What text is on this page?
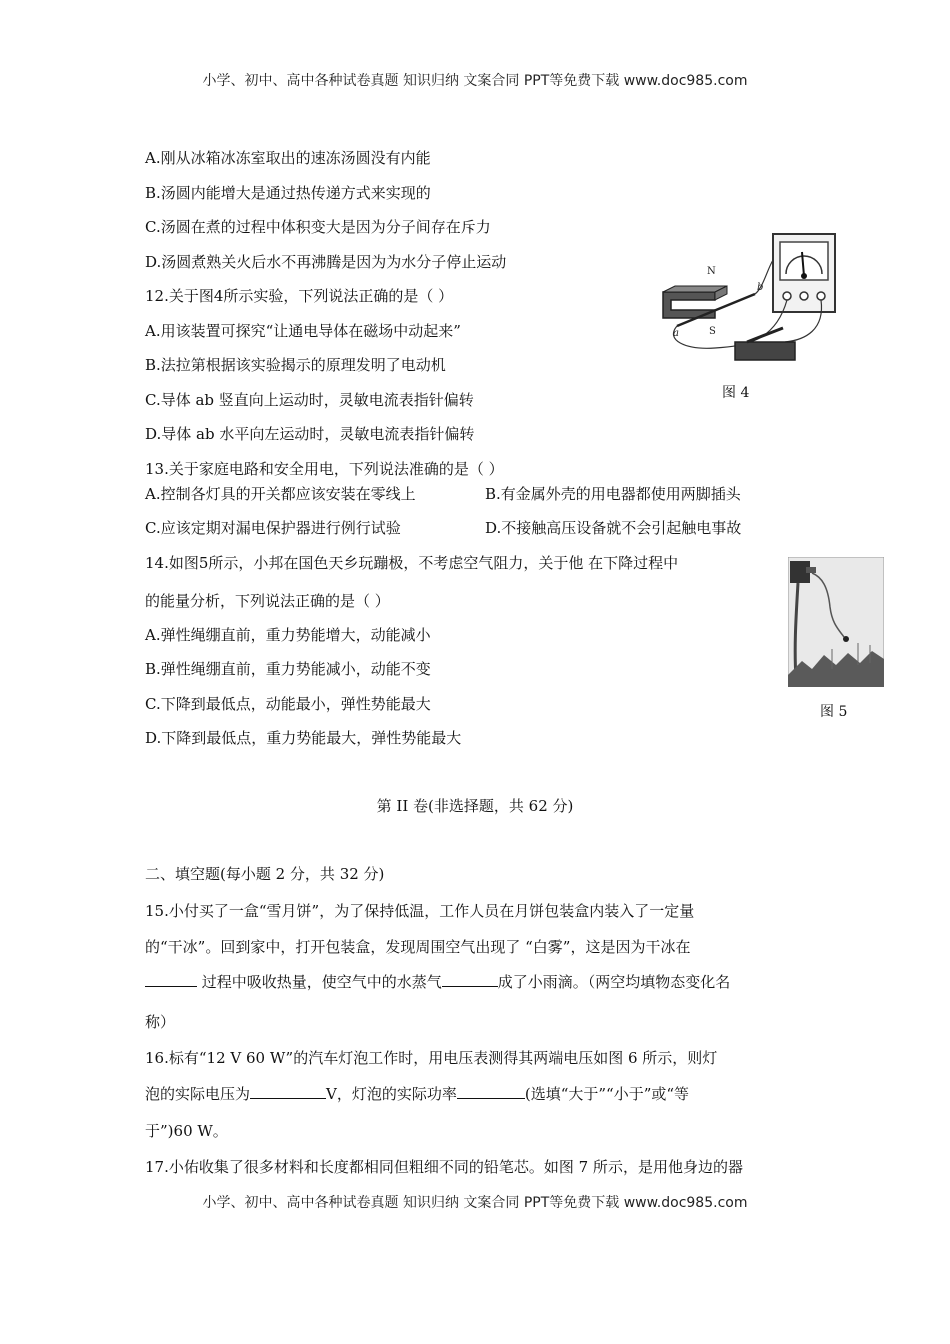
小学、初中、高中各种试卷真题 知识归纳 文案合同 PPT等免费下载 www.doc985.com
A.刚从冰箱冰冻室取出的速冻汤圆没有内能
B.汤圆内能增大是通过热传递方式来实现的
C.汤圆在煮的过程中体积变大是因为分子间存在斥力
D.汤圆煮熟关火后水不再沸腾是因为为水分子停止运动
12.关于图4所示实验，下列说法正确的是（ ）
A.用该装置可探究“让通电导体在磁场中动起来”
B.法拉第根据该实验揭示的原理发明了电动机
C.导体 ab 竖直向上运动时，灵敏电流表指针偏转
D.导体 ab 水平向左运动时，灵敏电流表指针偏转
N
S
a
b
图 4
13.关于家庭电路和安全用电，下列说法准确的是（ ）
A.控制各灯具的开关都应该安装在零线上	B.有金属外壳的用电器都使用两脚插头
C.应该定期对漏电保护器进行例行试验	D.不接触高压设备就不会引起触电事故
14.如图5所示，小邦在国色天乡玩蹦极，不考虑空气阻力，关于他 在下降过程中
的能量分析，下列说法正确的是（ ）
A.弹性绳绷直前，重力势能增大，动能减小
B.弹性绳绷直前，重力势能减小，动能不变
C.下降到最低点，动能最小，弹性势能最大
D.下降到最低点，重力势能最大，弹性势能最大
图 5
第 II 卷(非选择题，共 62 分)
二、填空题(每小题 2 分，共 32 分)
15.小付买了一盒“雪月饼”，为了保持低温，工作人员在月饼包装盒内装入了一定量
的“干冰”。回到家中，打开包装盒，发现周围空气出现了 “白雾”，这是因为干冰在
过程中吸收热量，使空气中的水蒸气	成了小雨滴。（两空均填物态变化名
称）
16.标有“12 V 60 W”的汽车灯泡工作时，用电压表测得其两端电压如图 6 所示，则灯
泡的实际电压为	V，灯泡的实际功率	(选填“大于”“小于”或“等
于”)60 W。
17.小佑收集了很多材料和长度都相同但粗细不同的铅笔芯。如图 7 所示，是用他身边的器
小学、初中、高中各种试卷真题 知识归纳 文案合同 PPT等免费下载 www.doc985.com
